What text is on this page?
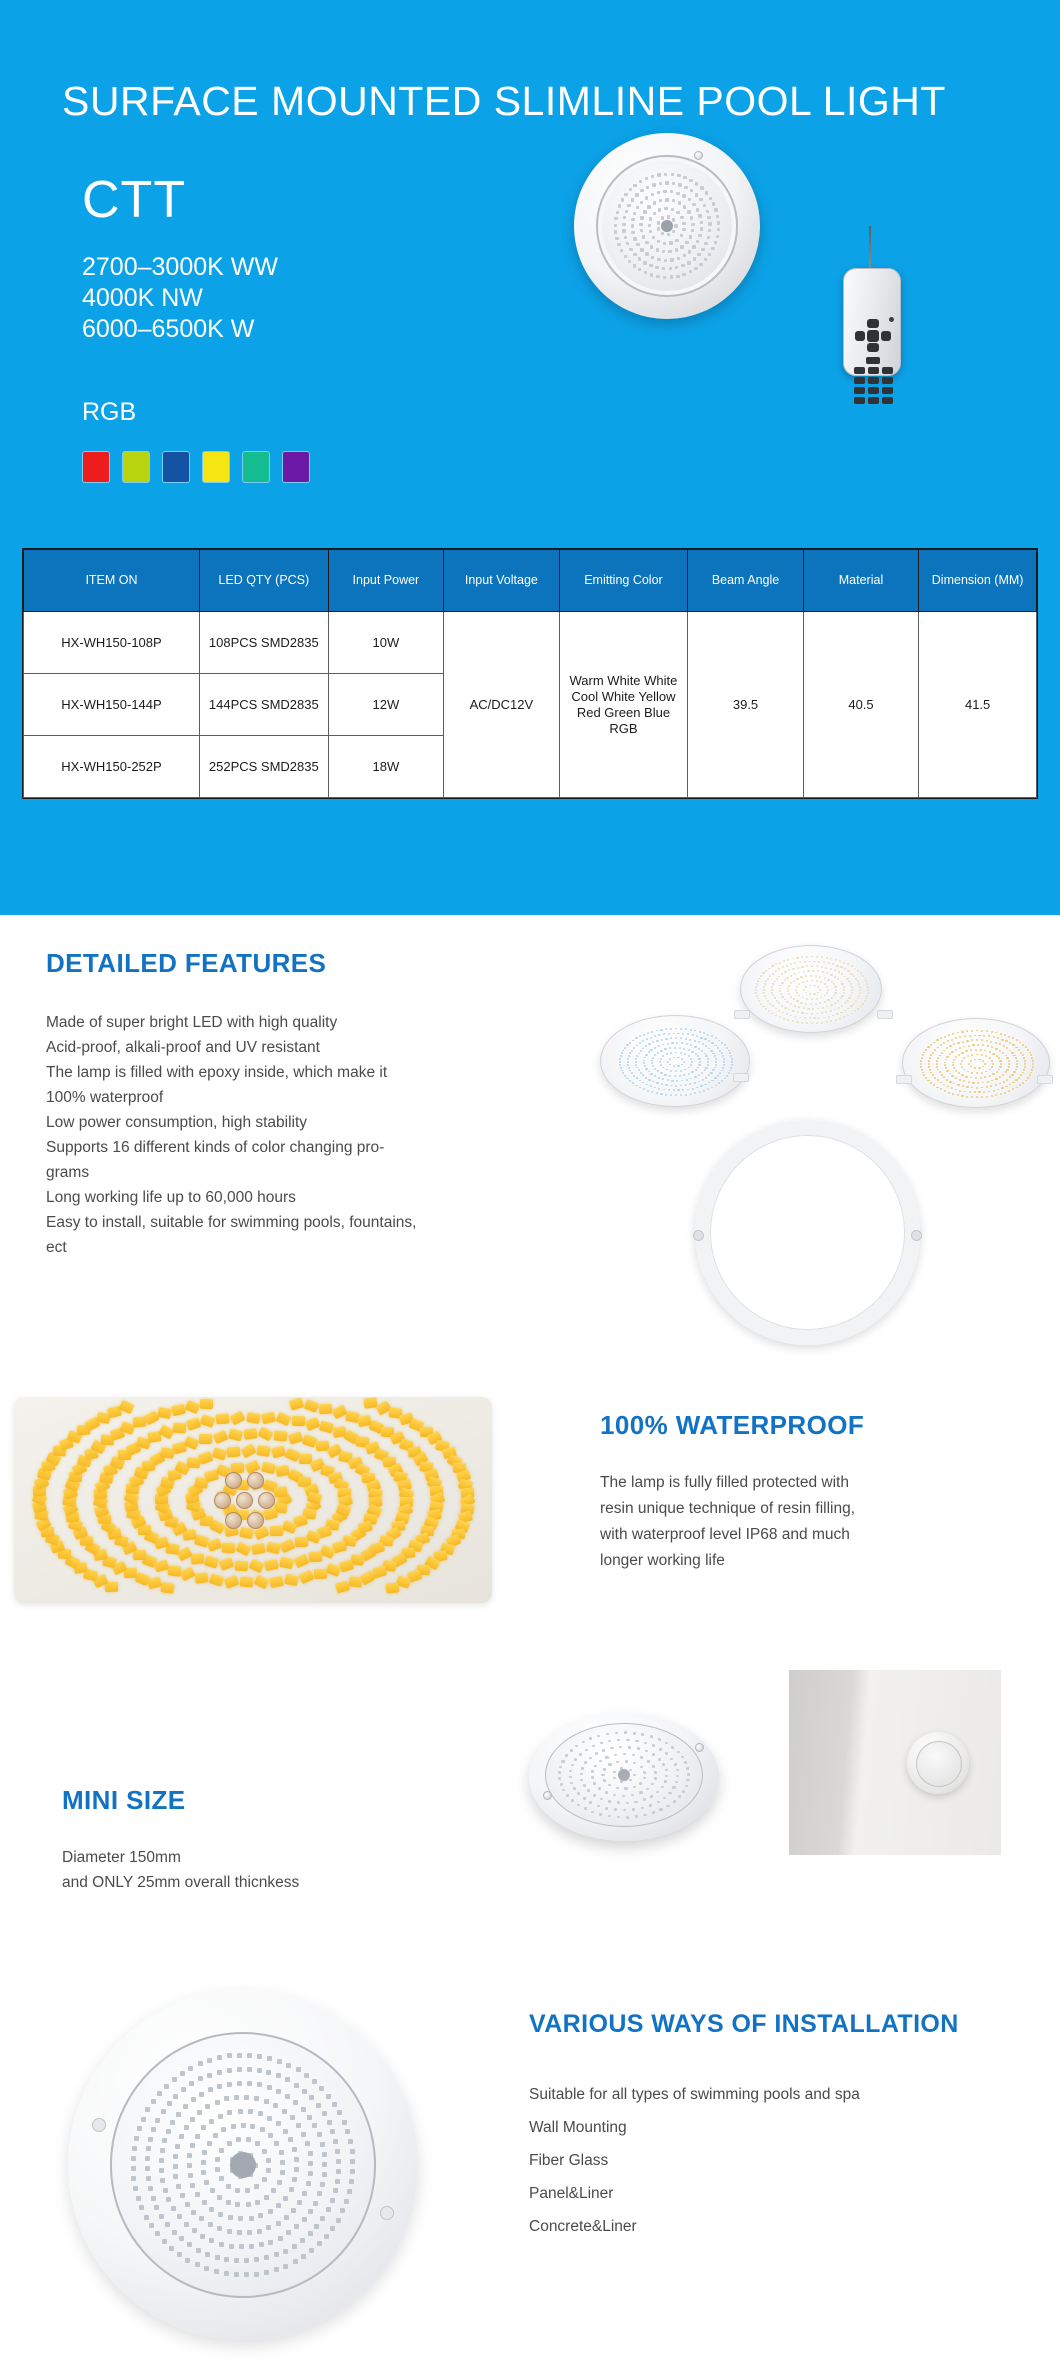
SURFACE MOUNTED SLIMLINE POOL LIGHT
CTT
2700–3000K WW
4000K NW
6000–6500K W
RGB
ITEM ON	LED QTY (PCS)	Input Power	Input Voltage	Emitting Color	Beam Angle	Material	Dimension (MM)
HX-WH150-108P	108PCS SMD2835	10W	AC/DC12V	Warm White White Cool White Yellow Red Green Blue RGB	39.5	40.5	41.5
HX-WH150-144P	144PCS SMD2835	12W					
HX-WH150-252P	252PCS SMD2835	18W					
DETAILED FEATURES
Made of super bright LED with high quality
Acid-proof, alkali-proof and UV resistant
The lamp is filled with epoxy inside, which make it
100% waterproof
Low power consumption, high stability
Supports 16 different kinds of color changing pro-
grams
Long working life up to 60,000 hours
Easy to install, suitable for swimming pools, fountains,
ect
100% WATERPROOF
The lamp is fully filled protected with
resin unique technique of resin filling,
with waterproof level IP68 and much
longer working life
MINI SIZE
Diameter 150mm
and ONLY 25mm overall thicnkess
VARIOUS WAYS OF INSTALLATION
Suitable for all types of swimming pools and spa
Wall Mounting
Fiber Glass
Panel&Liner
Concrete&Liner
